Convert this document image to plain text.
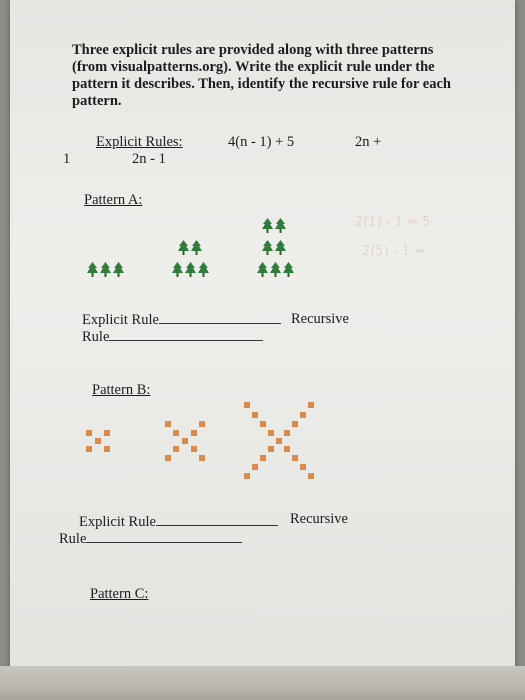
Three explicit rules are provided along with three patterns
(from visualpatterns.org). Write the explicit rule under the
pattern it describes. Then, identify the recursive rule for each
pattern.
Explicit Rules:	4(n - 1) + 5	2n +
1	2n - 1
Pattern A:
2(1) - 1 = 5
2(5) - 1 =
Explicit Rule	Recursive
Rule
Pattern B:
Explicit Rule	Recursive
Rule
Pattern C:
